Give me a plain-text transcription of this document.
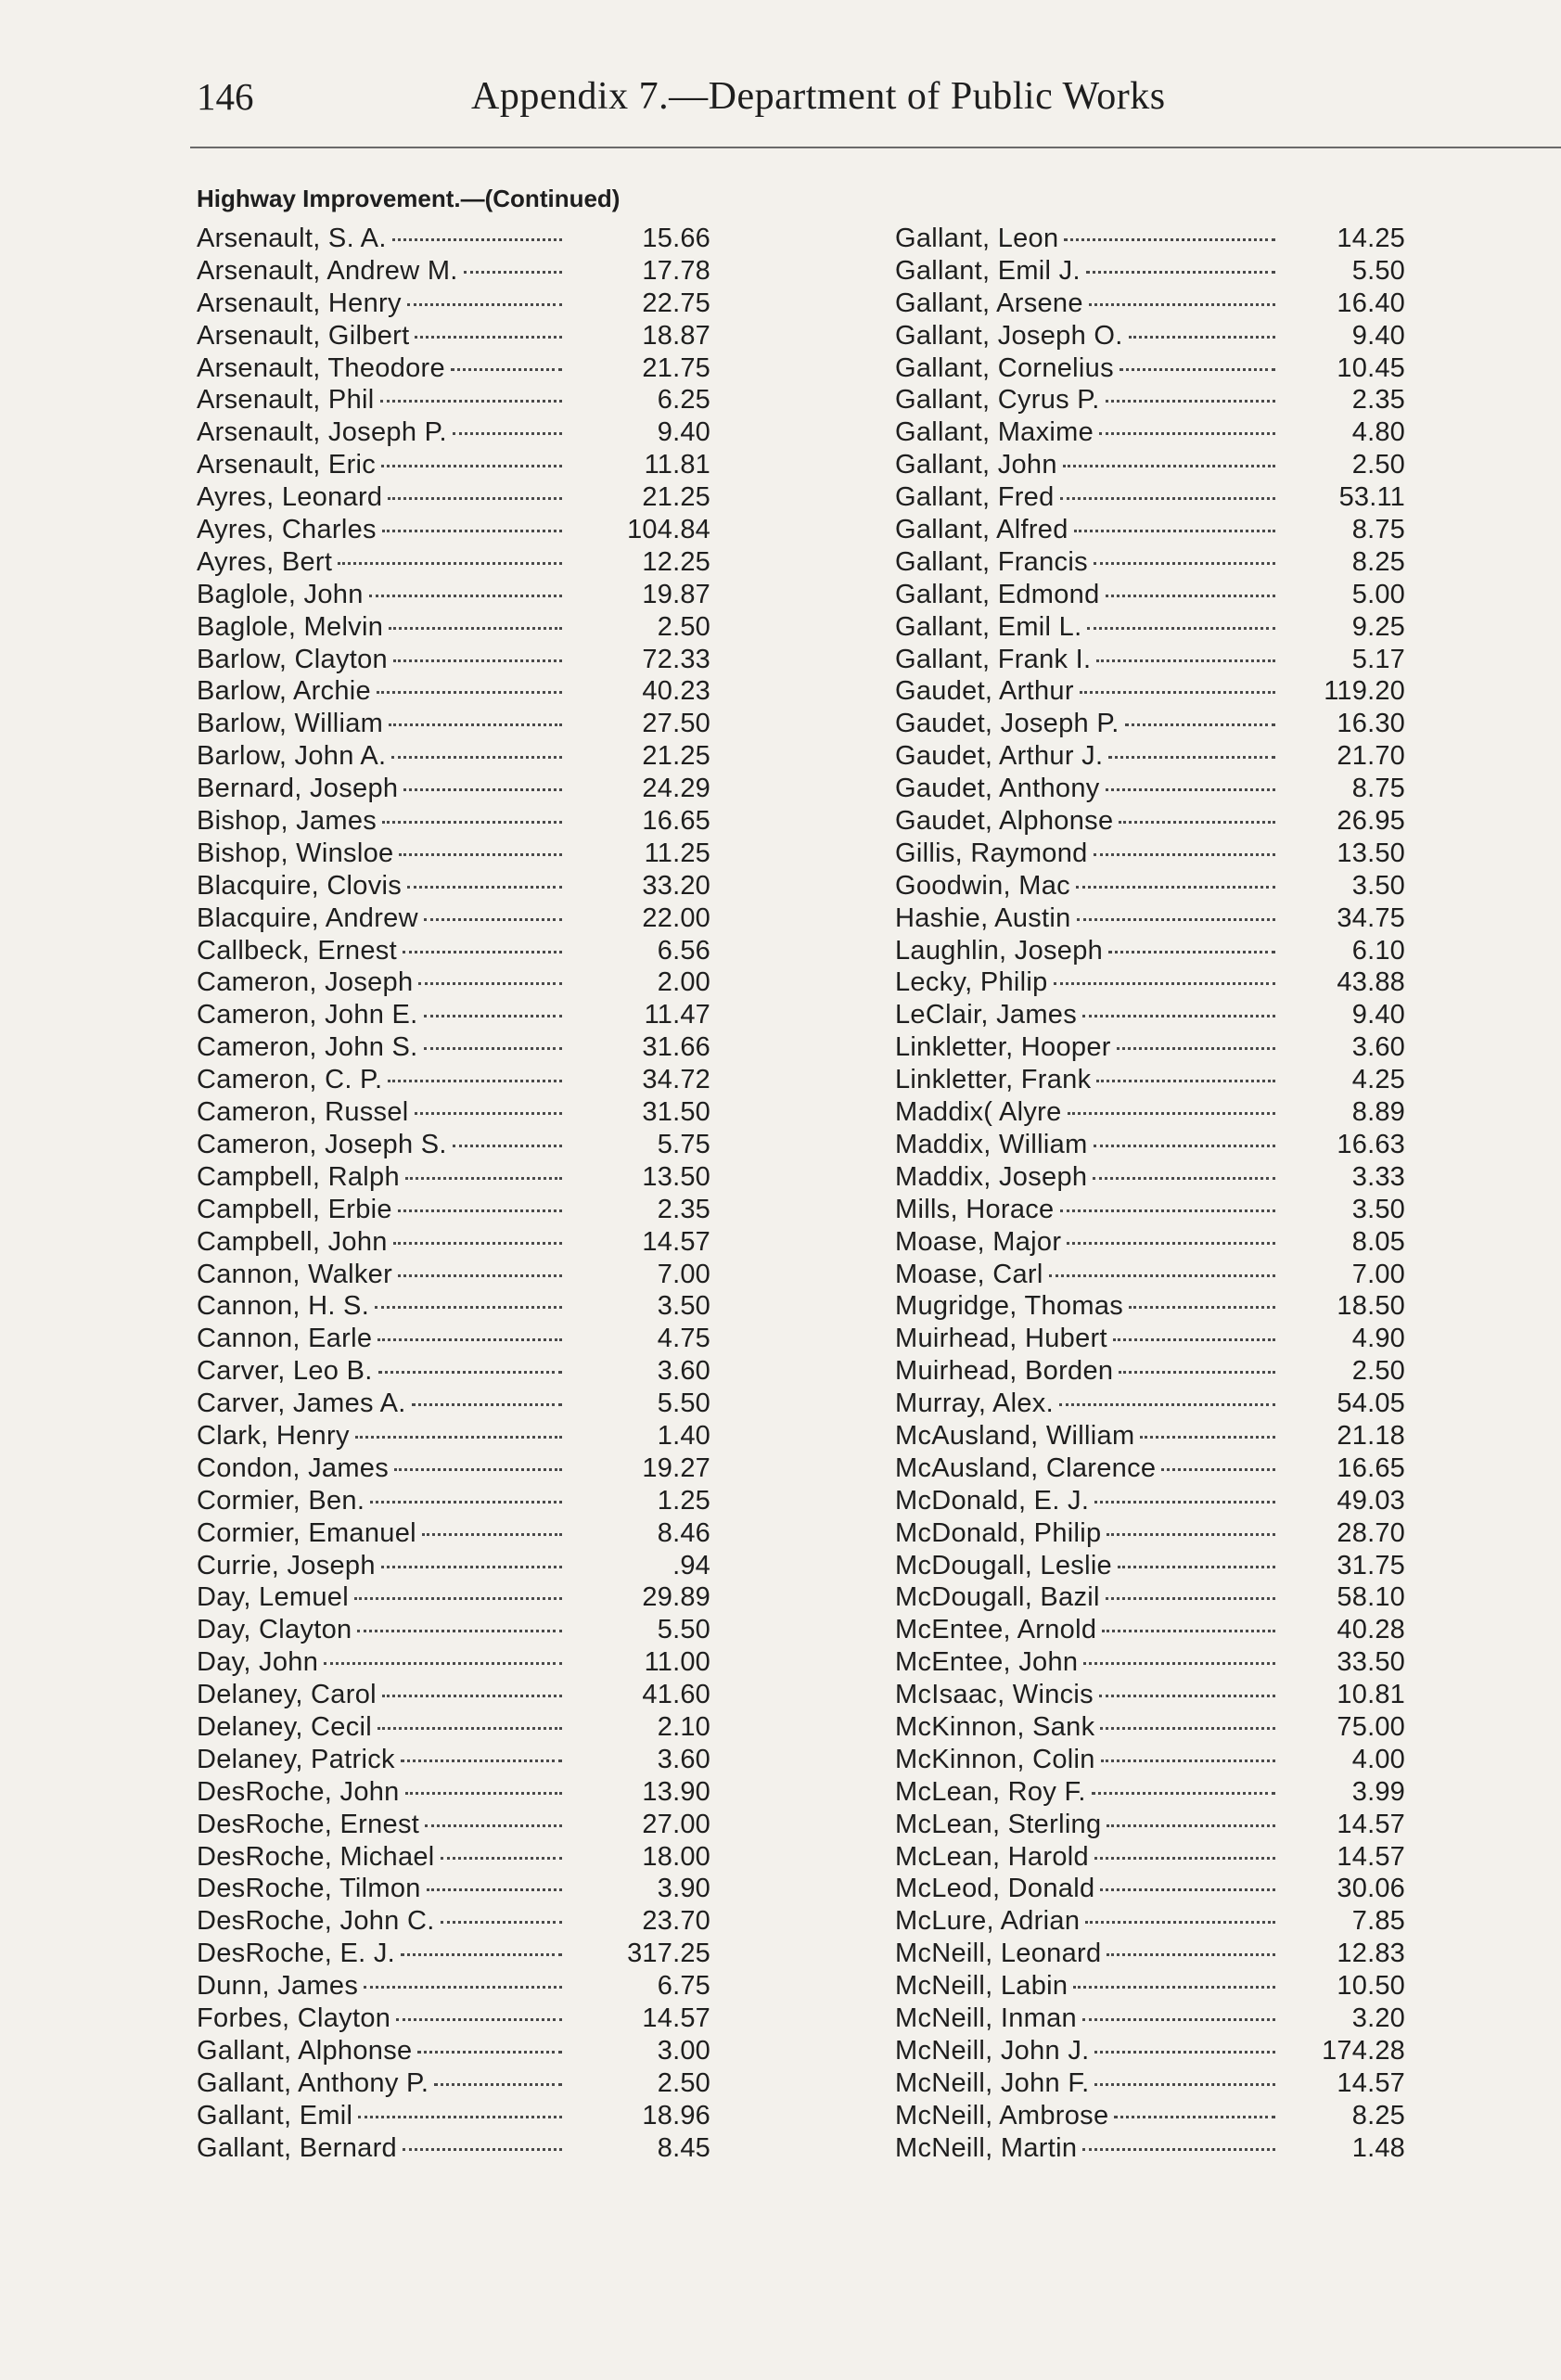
146	Appendix 7.—Department of Public Works
Highway Improvement.—(Continued)
Arsenault, S. A.	15.66
Arsenault, Andrew M.	17.78
Arsenault, Henry	22.75
Arsenault, Gilbert	18.87
Arsenault, Theodore	21.75
Arsenault, Phil	6.25
Arsenault, Joseph P.	9.40
Arsenault, Eric	11.81
Ayres, Leonard	21.25
Ayres, Charles	104.84
Ayres, Bert	12.25
Baglole, John	19.87
Baglole, Melvin	2.50
Barlow, Clayton	72.33
Barlow, Archie	40.23
Barlow, William	27.50
Barlow, John A.	21.25
Bernard, Joseph	24.29
Bishop, James	16.65
Bishop, Winsloe	11.25
Blacquire, Clovis	33.20
Blacquire, Andrew	22.00
Callbeck, Ernest	6.56
Cameron, Joseph	2.00
Cameron, John E.	11.47
Cameron, John S.	31.66
Cameron, C. P.	34.72
Cameron, Russel	31.50
Cameron, Joseph S.	5.75
Campbell, Ralph	13.50
Campbell, Erbie	2.35
Campbell, John	14.57
Cannon, Walker	7.00
Cannon, H. S.	3.50
Cannon, Earle	4.75
Carver, Leo B.	3.60
Carver, James A.	5.50
Clark, Henry	1.40
Condon, James	19.27
Cormier, Ben.	1.25
Cormier, Emanuel	8.46
Currie, Joseph	.94
Day, Lemuel	29.89
Day, Clayton	5.50
Day, John	11.00
Delaney, Carol	41.60
Delaney, Cecil	2.10
Delaney, Patrick	3.60
DesRoche, John	13.90
DesRoche, Ernest	27.00
DesRoche, Michael	18.00
DesRoche, Tilmon	3.90
DesRoche, John C.	23.70
DesRoche, E. J.	317.25
Dunn, James	6.75
Forbes, Clayton	14.57
Gallant, Alphonse	3.00
Gallant, Anthony P.	2.50
Gallant, Emil	18.96
Gallant, Bernard	8.45
Gallant, Leon	14.25
Gallant, Emil J.	5.50
Gallant, Arsene	16.40
Gallant, Joseph O.	9.40
Gallant, Cornelius	10.45
Gallant, Cyrus P.	2.35
Gallant, Maxime	4.80
Gallant, John	2.50
Gallant, Fred	53.11
Gallant, Alfred	8.75
Gallant, Francis	8.25
Gallant, Edmond	5.00
Gallant, Emil L.	9.25
Gallant, Frank I.	5.17
Gaudet, Arthur	119.20
Gaudet, Joseph P.	16.30
Gaudet, Arthur J.	21.70
Gaudet, Anthony	8.75
Gaudet, Alphonse	26.95
Gillis, Raymond	13.50
Goodwin, Mac	3.50
Hashie, Austin	34.75
Laughlin, Joseph	6.10
Lecky, Philip	43.88
LeClair, James	9.40
Linkletter, Hooper	3.60
Linkletter, Frank	4.25
Maddix( Alyre	8.89
Maddix, William	16.63
Maddix, Joseph	3.33
Mills, Horace	3.50
Moase, Major	8.05
Moase, Carl	7.00
Mugridge, Thomas	18.50
Muirhead, Hubert	4.90
Muirhead, Borden	2.50
Murray, Alex.	54.05
McAusland, William	21.18
McAusland, Clarence	16.65
McDonald, E. J.	49.03
McDonald, Philip	28.70
McDougall, Leslie	31.75
McDougall, Bazil	58.10
McEntee, Arnold	40.28
McEntee, John	33.50
McIsaac, Wincis	10.81
McKinnon, Sank	75.00
McKinnon, Colin	4.00
McLean, Roy F.	3.99
McLean, Sterling	14.57
McLean, Harold	14.57
McLeod, Donald	30.06
McLure, Adrian	7.85
McNeill, Leonard	12.83
McNeill, Labin	10.50
McNeill, Inman	3.20
McNeill, John J.	174.28
McNeill, John F.	14.57
McNeill, Ambrose	8.25
McNeill, Martin	1.48
